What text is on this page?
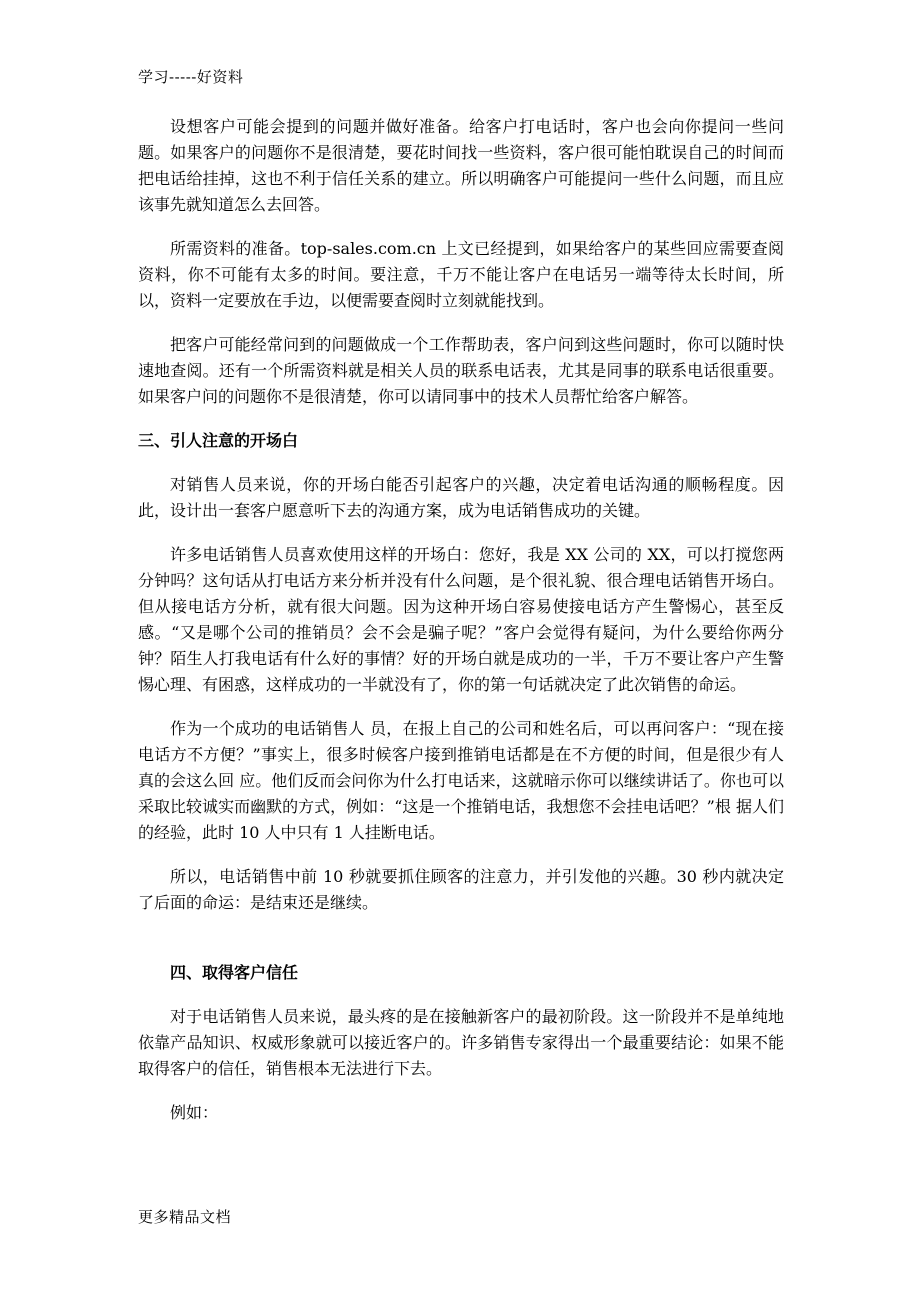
学习-----好资料

设想客户可能会提到的问题并做好准备。给客户打电话时，客户也会向你提问一些问题。如果客户的问题你不是很清楚，要花时间找一些资料，客户很可能怕耽误自己的时间而把电话给挂掉，这也不利于信任关系的建立。所以明确客户可能提问一些什么问题，而且应该事先就知道怎么去回答。

所需资料的准备。top-sales.com.cn 上文已经提到，如果给客户的某些回应需要查阅资料，你不可能有太多的时间。要注意，千万不能让客户在电话另一端等待太长时间，所以，资料一定要放在手边，以便需要查阅时立刻就能找到。

把客户可能经常问到的问题做成一个工作帮助表，客户问到这些问题时，你可以随时快速地查阅。还有一个所需资料就是相关人员的联系电话表，尤其是同事的联系电话很重要。如果客户问的问题你不是很清楚，你可以请同事中的技术人员帮忙给客户解答。

三、引人注意的开场白

对销售人员来说，你的开场白能否引起客户的兴趣，决定着电话沟通的顺畅程度。因此，设计出一套客户愿意听下去的沟通方案，成为电话销售成功的关键。

许多电话销售人员喜欢使用这样的开场白：您好，我是 XX 公司的 XX，可以打搅您两分钟吗？这句话从打电话方来分析并没有什么问题，是个很礼貌、很合理电话销售开场白。但从接电话方分析，就有很大问题。因为这种开场白容易使接电话方产生警惕心，甚至反感。“又是哪个公司的推销员？会不会是骗子呢？”客户会觉得有疑问，为什么要给你两分钟？陌生人打我电话有什么好的事情？好的开场白就是成功的一半，千万不要让客户产生警惕心理、有困惑，这样成功的一半就没有了，你的第一句话就决定了此次销售的命运。

作为一个成功的电话销售人 员，在报上自己的公司和姓名后，可以再问客户：“现在接电话方不方便？”事实上，很多时候客户接到推销电话都是在不方便的时间，但是很少有人真的会这么回 应。他们反而会问你为什么打电话来，这就暗示你可以继续讲话了。你也可以采取比较诚实而幽默的方式，例如：“这是一个推销电话，我想您不会挂电话吧？”根 据人们的经验，此时 10 人中只有 1 人挂断电话。

所以，电话销售中前 10 秒就要抓住顾客的注意力，并引发他的兴趣。30 秒内就决定了后面的命运：是结束还是继续。

四、取得客户信任

对于电话销售人员来说，最头疼的是在接触新客户的最初阶段。这一阶段并不是单纯地依靠产品知识、权威形象就可以接近客户的。许多销售专家得出一个最重要结论：如果不能取得客户的信任，销售根本无法进行下去。

例如：

更多精品文档
